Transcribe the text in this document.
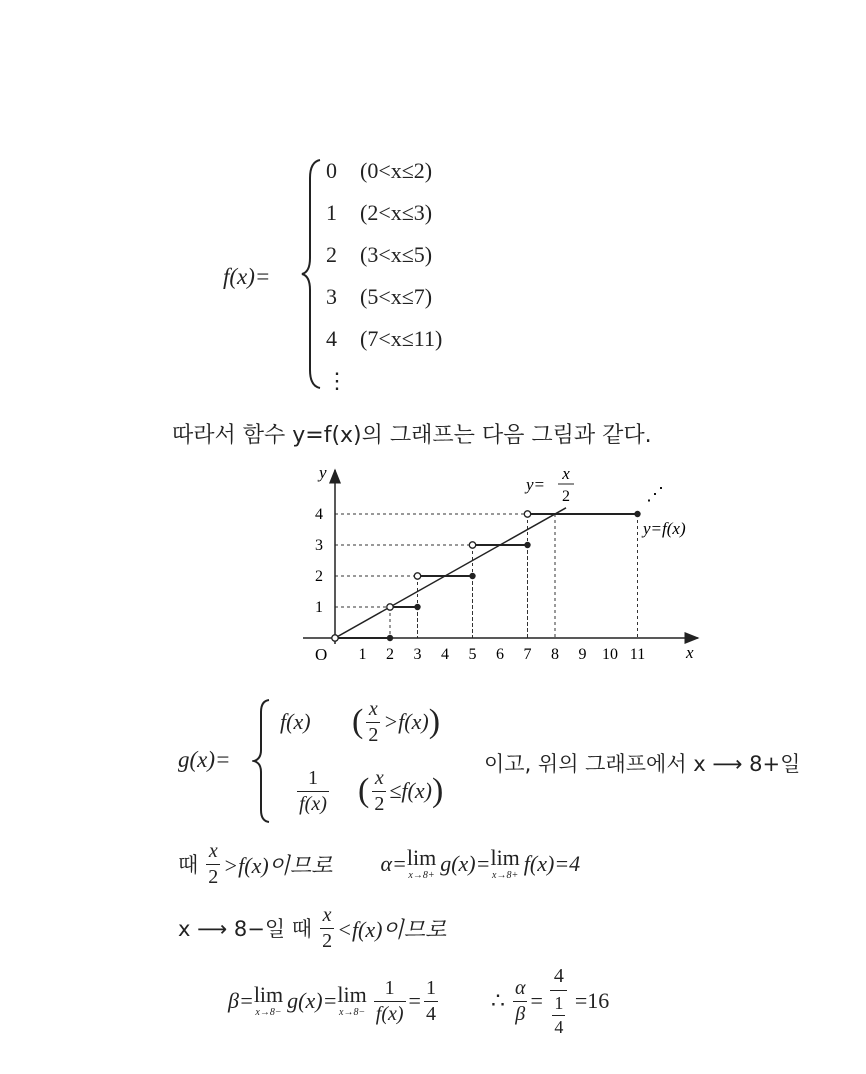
f(x)=
0 (0<x≤2)
1 (2<x≤3)
2 (3<x≤5)
3 (5<x≤7)
4 (7<x≤11)
⋮
따라서 함수 y=f(x)의 그래프는 다음 그림과 같다.
1 2 3 4 5 6 7 8 9 10 11
1
2
3
4
O	x
y
y=
x
2
y=f(x)
⋰
g(x)=
f(x)	( $\frac{x}{2} >f(x)$ )
$\frac{1}{f(x)}$ ( $\frac{x}{2} \le f(x)$ )
이고, 위의 그래프에서 x ⟶ 8+일
때 $\frac{x}{2} >f(x)$이므로 α= lim
x→8+ g(x)= lim
x→8+ f(x)=4
x ⟶ 8−일 때 $\frac{x}{2} <f(x)$이므로
β= lim
x→8− g(x)= lim
$x\to 8- \frac{1}{f(x)} = \frac{1}{4}$ ∴ $\frac{\alpha}{\beta} = \frac{4}{\frac{1}{4}} =16$
